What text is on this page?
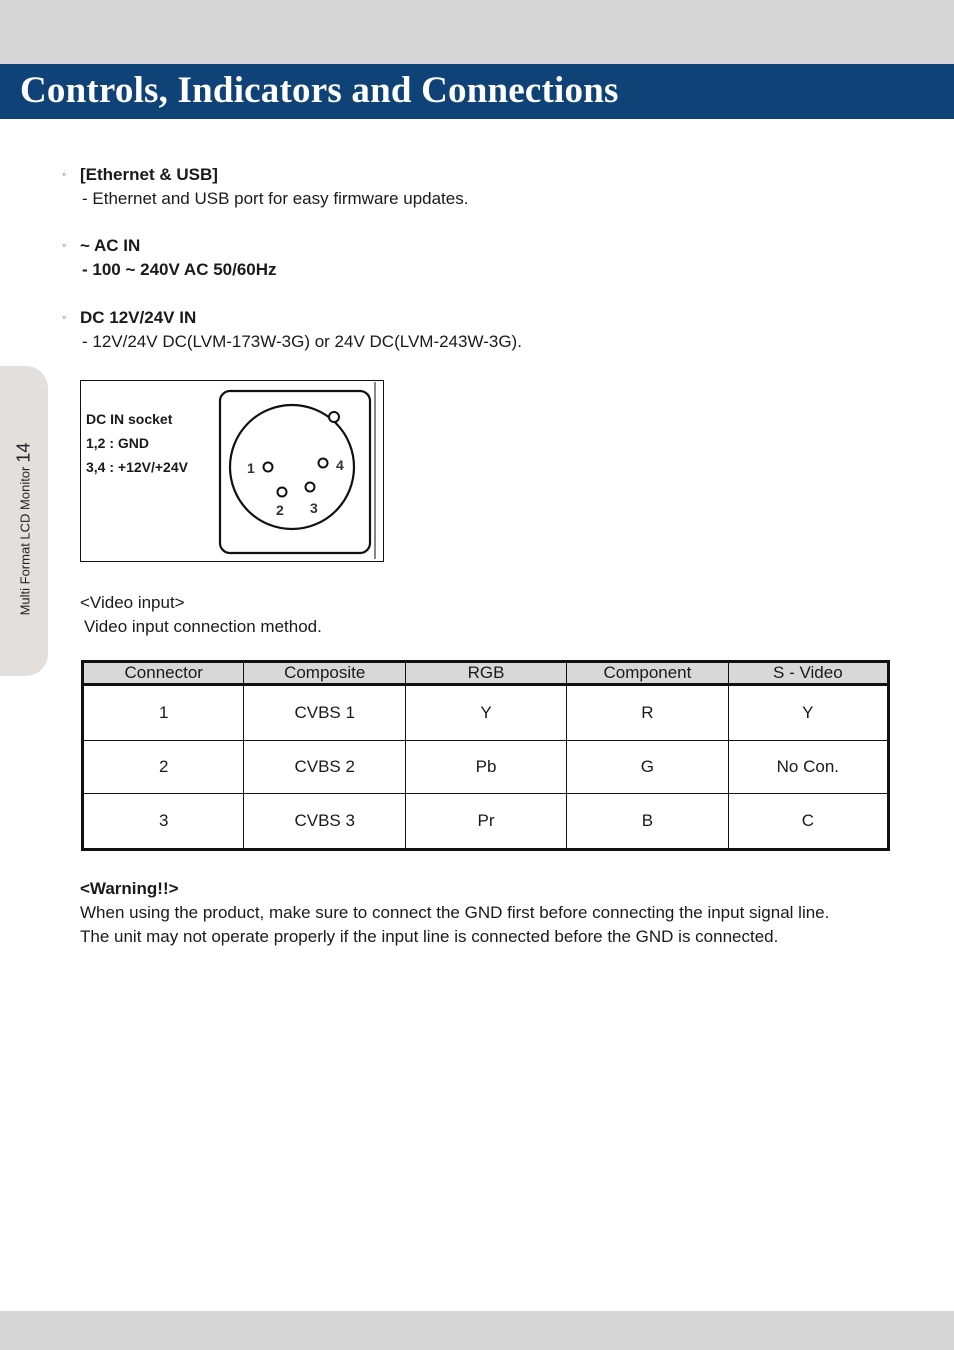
Controls, Indicators and Connections
Multi Format LCD Monitor14
◦ [Ethernet & USB]
- Ethernet and USB port for easy firmware updates.
◦ ~ AC IN
- 100 ~ 240V AC 50/60Hz
◦ DC 12V/24V IN
- 12V/24V DC(LVM-173W-3G) or 24V DC(LVM-243W-3G).
DC IN socket
1,2 : GND
3,4 : +12V/+24V	1
2 3
4
<Video input>
Video input connection method.
Connector	Composite	RGB	Component	S - Video
1	CVBS 1	Y	R	Y
2	CVBS 2	Pb	G	No Con.
3	CVBS 3	Pr	B	C
<Warning!!>
When using the product, make sure to connect the GND first before connecting the input signal line.
The unit may not operate properly if the input line is connected before the GND is connected.
